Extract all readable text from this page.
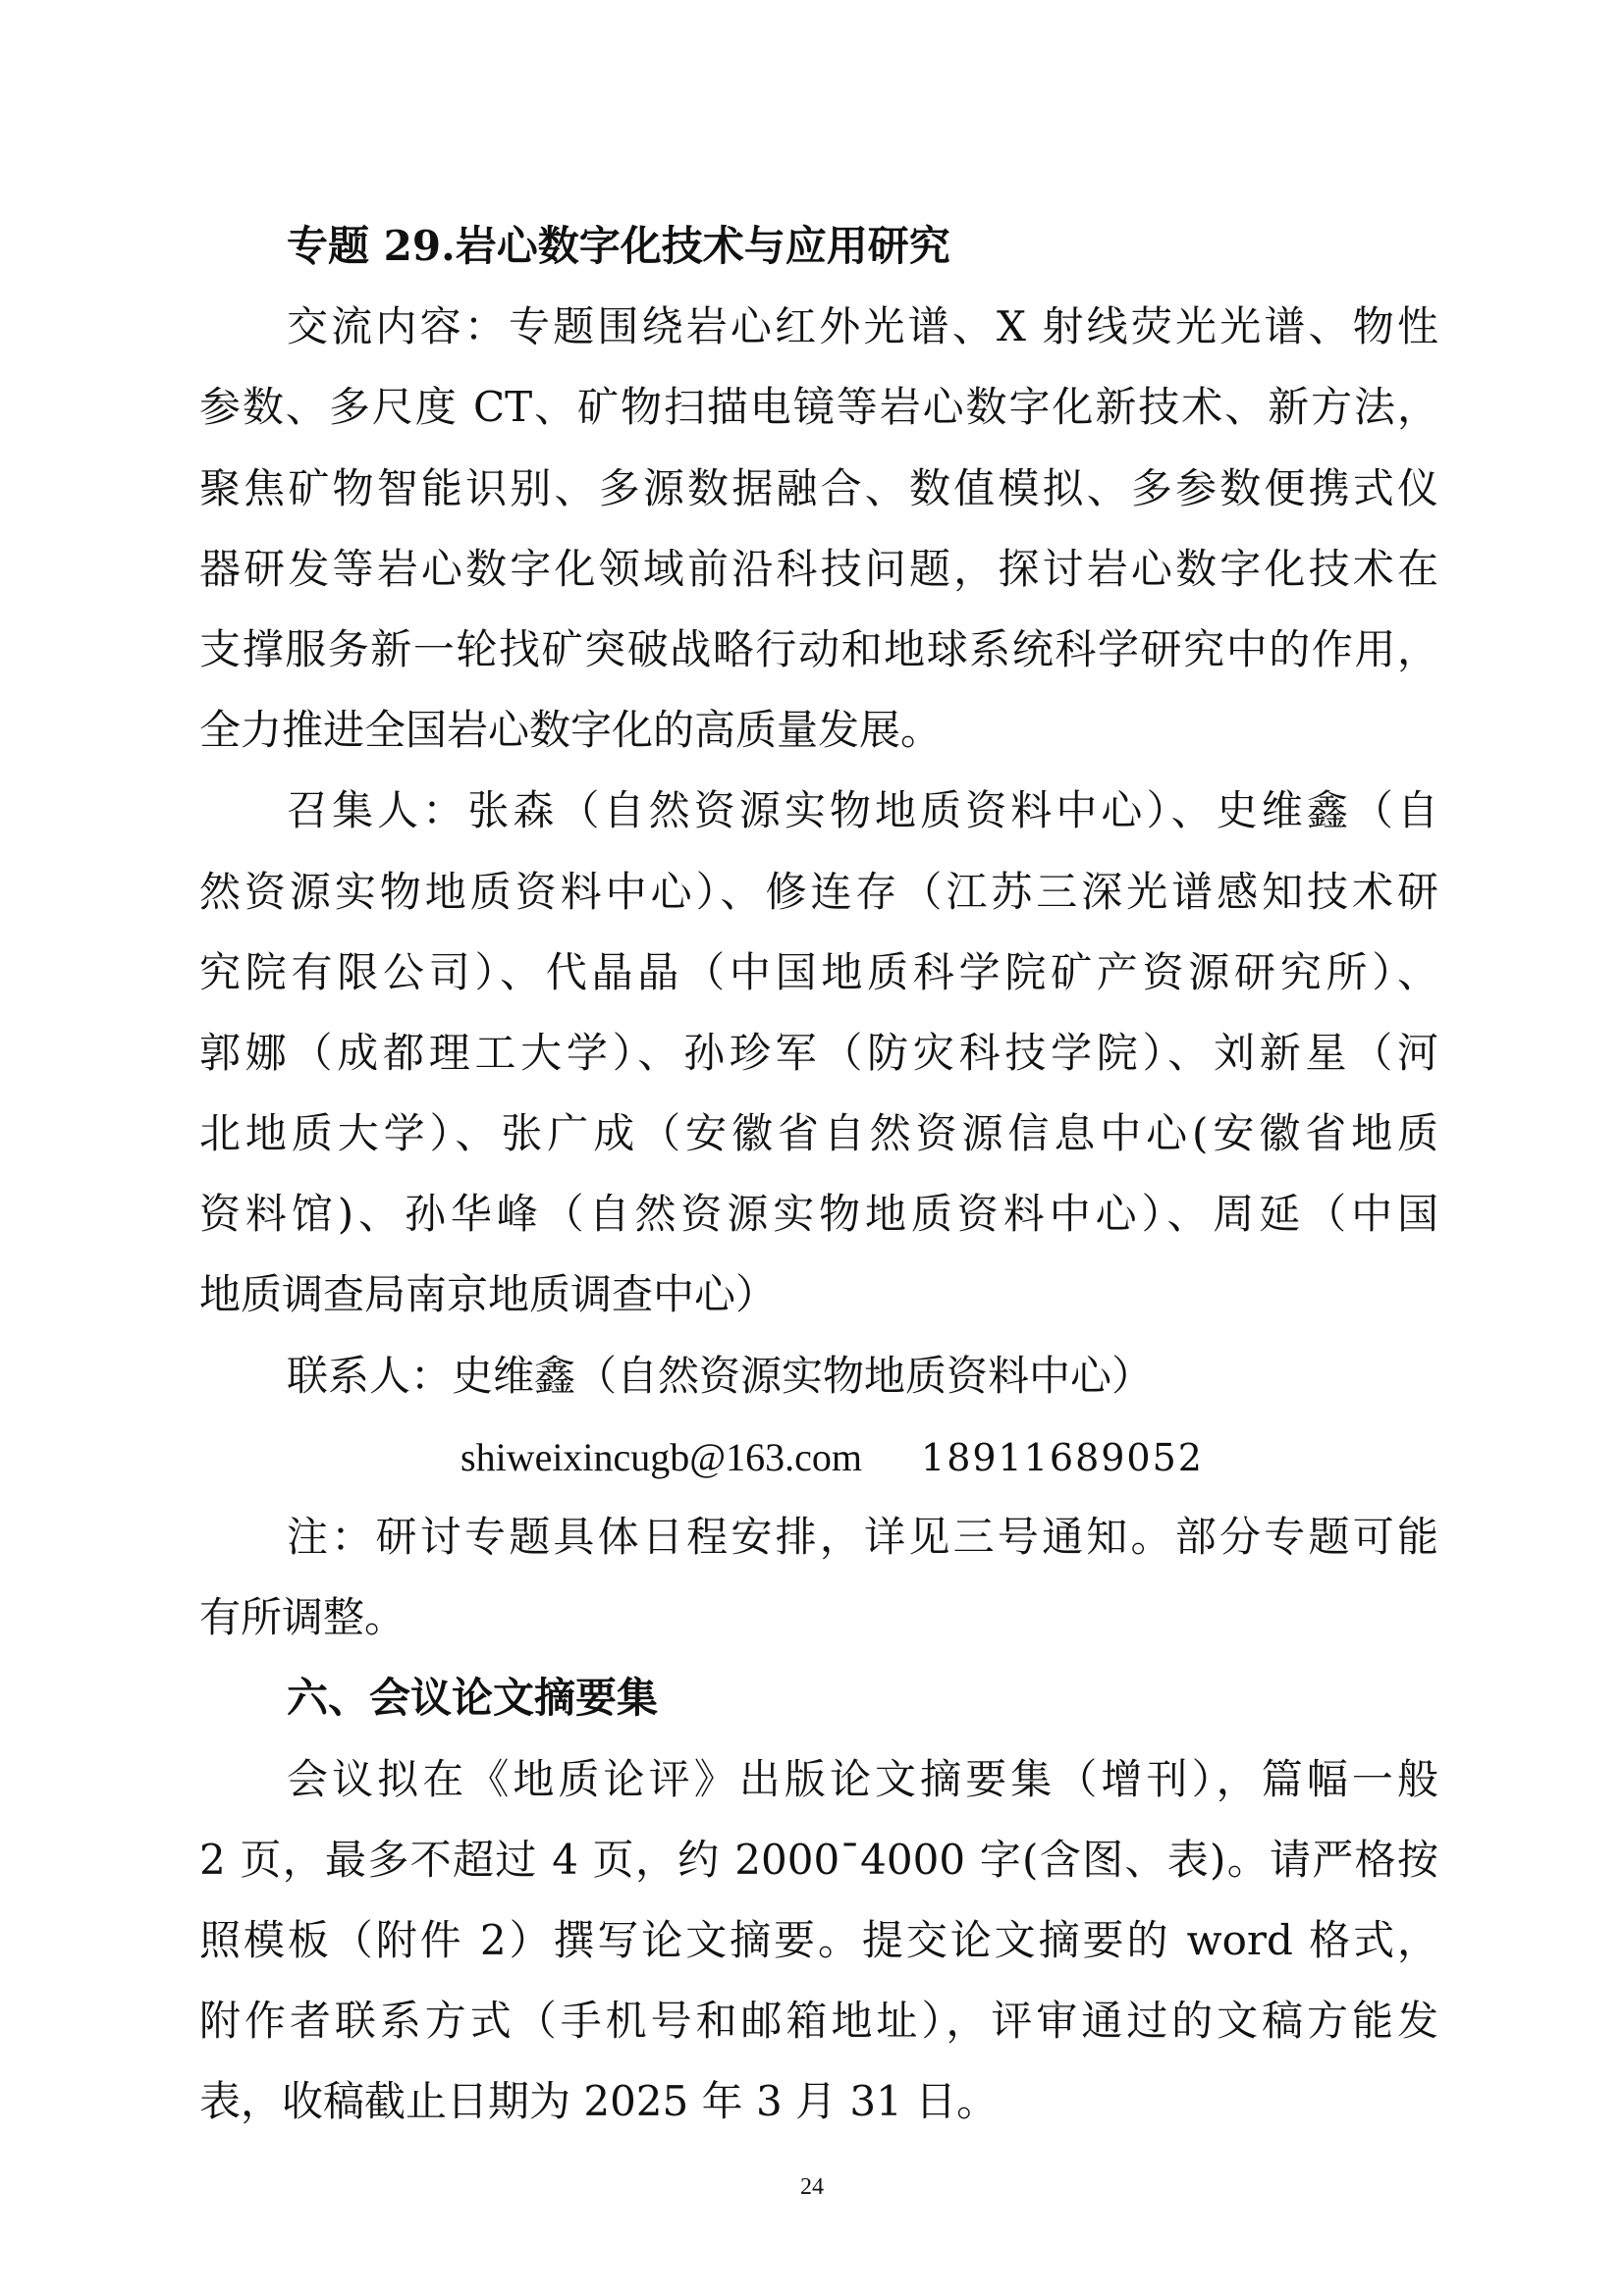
专题 29.岩心数字化技术与应用研究
交流内容：专题围绕岩心红外光谱、X 射线荧光光谱、物性
参数、多尺度 CT、矿物扫描电镜等岩心数字化新技术、新方法，
聚焦矿物智能识别、多源数据融合、数值模拟、多参数便携式仪
器研发等岩心数字化领域前沿科技问题，探讨岩心数字化技术在
支撑服务新一轮找矿突破战略行动和地球系统科学研究中的作用，
全力推进全国岩心数字化的高质量发展。
召集人：张森（自然资源实物地质资料中心）、史维鑫（自
然资源实物地质资料中心）、修连存（江苏三深光谱感知技术研
究院有限公司）、代晶晶（中国地质科学院矿产资源研究所）、
郭娜（成都理工大学）、孙珍军（防灾科技学院）、刘新星（河
北地质大学）、张广成（安徽省自然资源信息中心(安徽省地质
资料馆)、孙华峰（自然资源实物地质资料中心）、周延（中国
地质调查局南京地质调查中心）
联系人：史维鑫（自然资源实物地质资料中心）
shiweixincugb@163.com 18911689052
注：研讨专题具体日程安排，详见三号通知。部分专题可能
有所调整。
六、会议论文摘要集
会议拟在《地质论评》出版论文摘要集（增刊），篇幅一般
2 页，最多不超过 4 页，约 2000¯4000 字(含图、表)。请严格按
照模板（附件 2）撰写论文摘要。提交论文摘要的 word 格式，
附作者联系方式（手机号和邮箱地址），评审通过的文稿方能发
表，收稿截止日期为 2025 年 3 月 31 日。
24
